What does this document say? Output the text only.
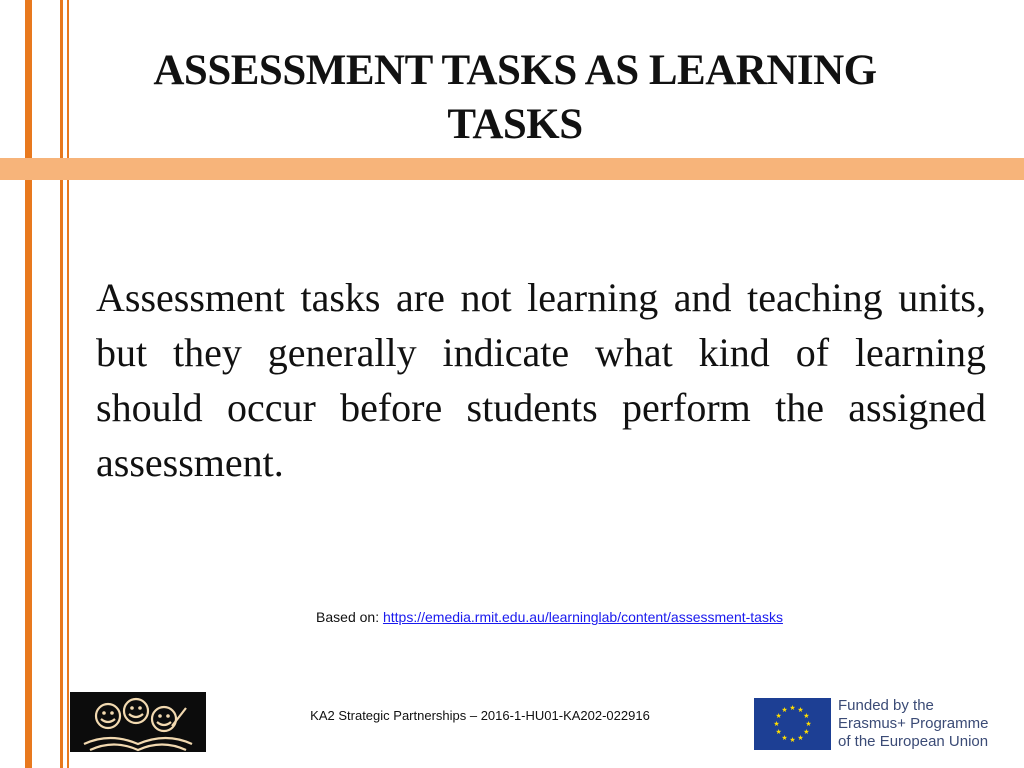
ASSESSMENT TASKS AS LEARNING TASKS
Assessment tasks are not learning and teaching units, but they generally indicate what kind of learning should occur before students perform the assigned assessment.
Based on: https://emedia.rmit.edu.au/learninglab/content/assessment-tasks
KA2 Strategic Partnerships – 2016-1-HU01-KA202-022916	★ ★
★
★
★
★
★
★
★
★
★
★	Funded by the
Erasmus+ Programme
of the European Union
